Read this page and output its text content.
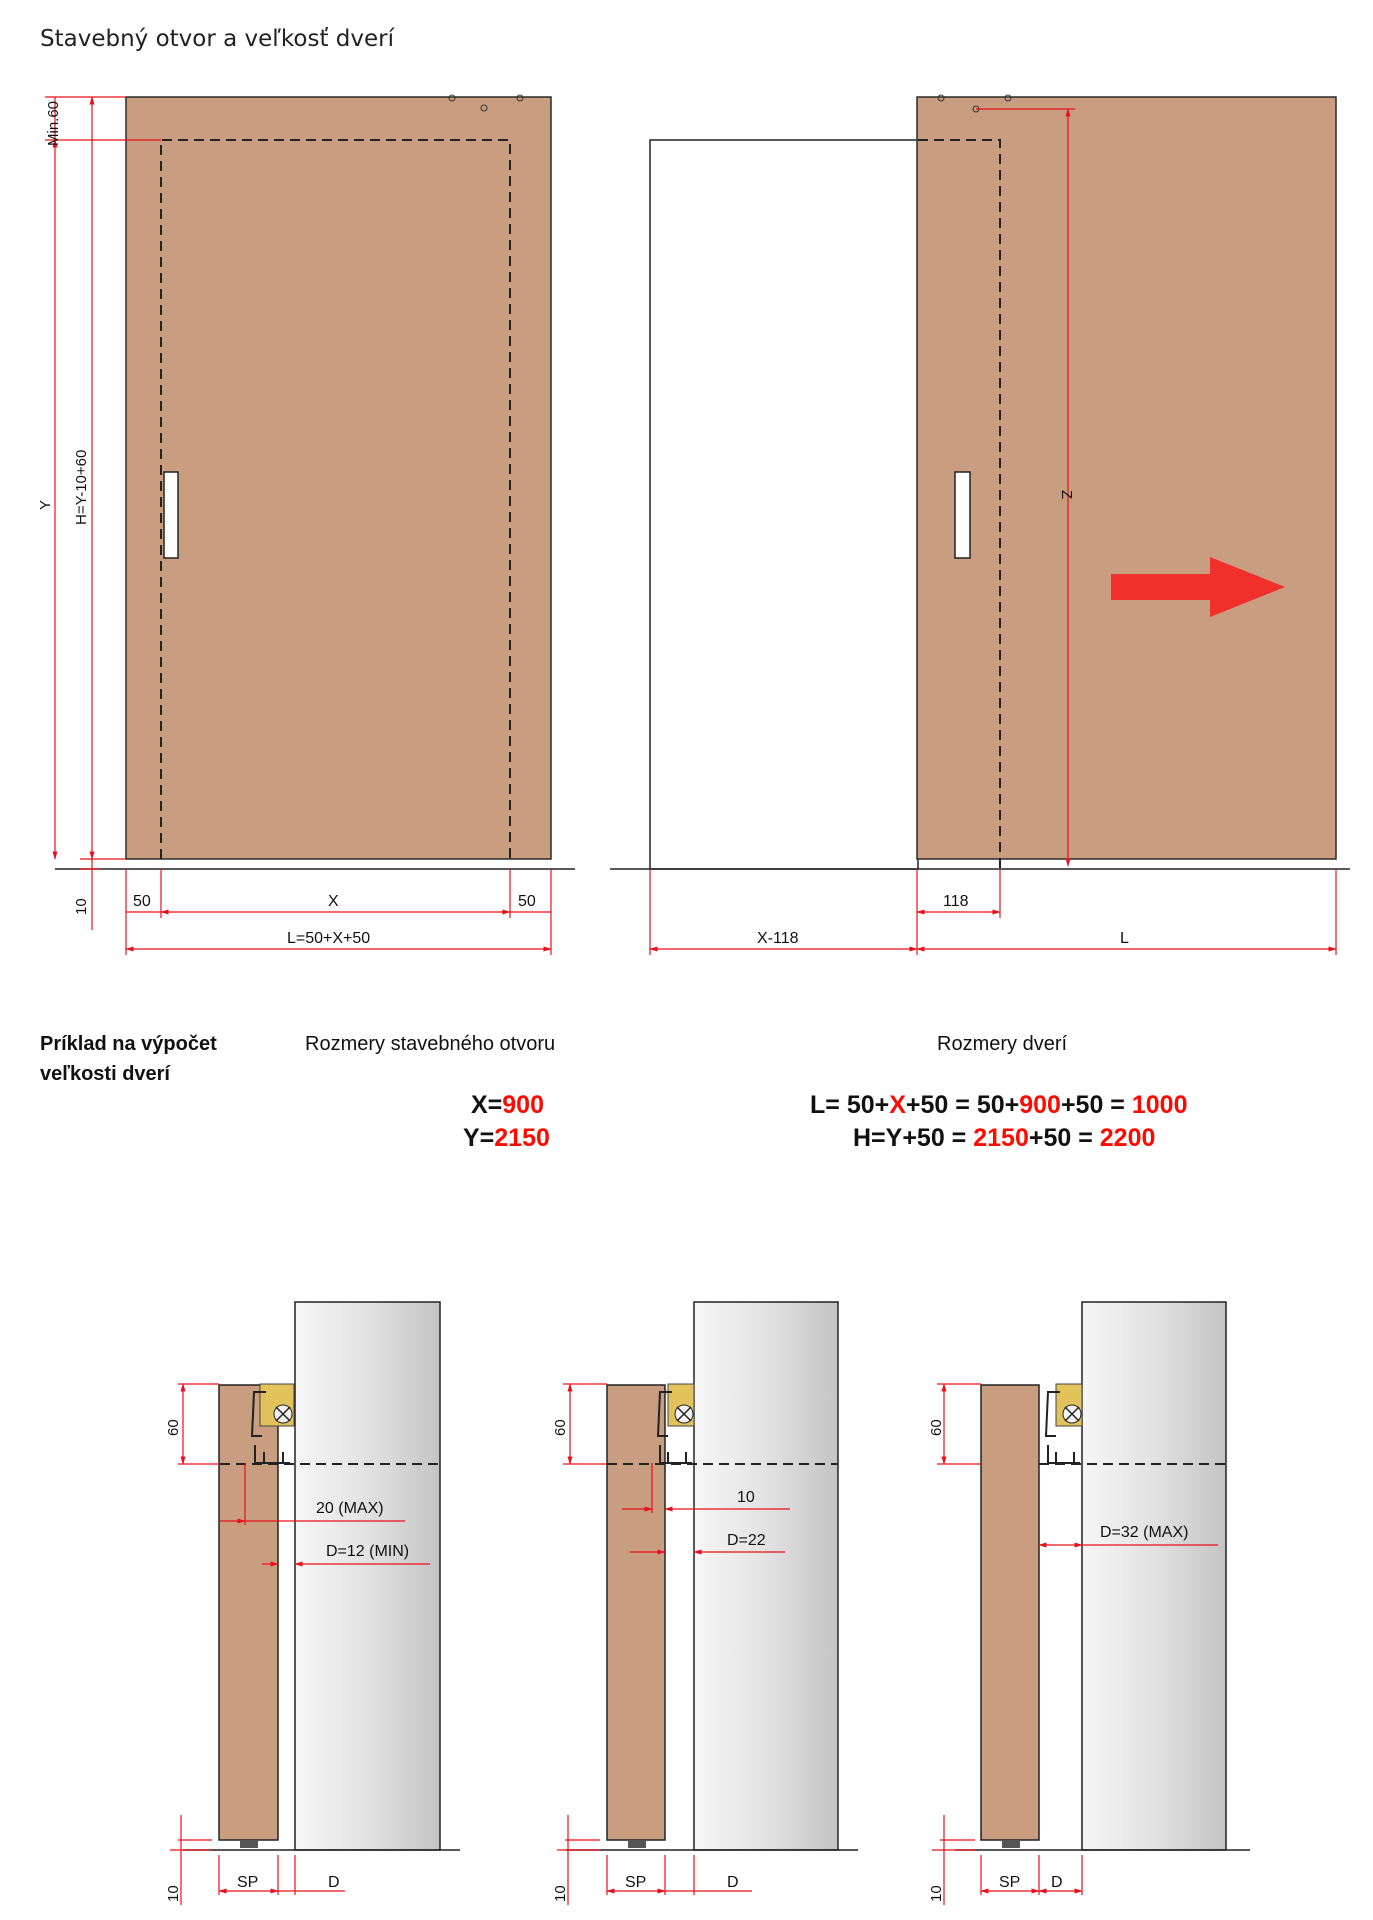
Stavebný otvor a veľkosť dverí
Min.60
H=Y-10+60
Y
10	50	X	50
L=50+X+50
Z
118
X-118	L
Príklad na výpočet
veľkosti dverí
Rozmery stavebného otvoru	Rozmery dverí
X=900
Y=2150
L= 50+X+50 = 50+900+50 = 1000
H=Y+50 = 2150+50 = 2200
60
10
20 (MAX)
D=12 (MIN)
SP	D
60
10
10
D=22
SP	D
60
10
D=32 (MAX)
SP D
